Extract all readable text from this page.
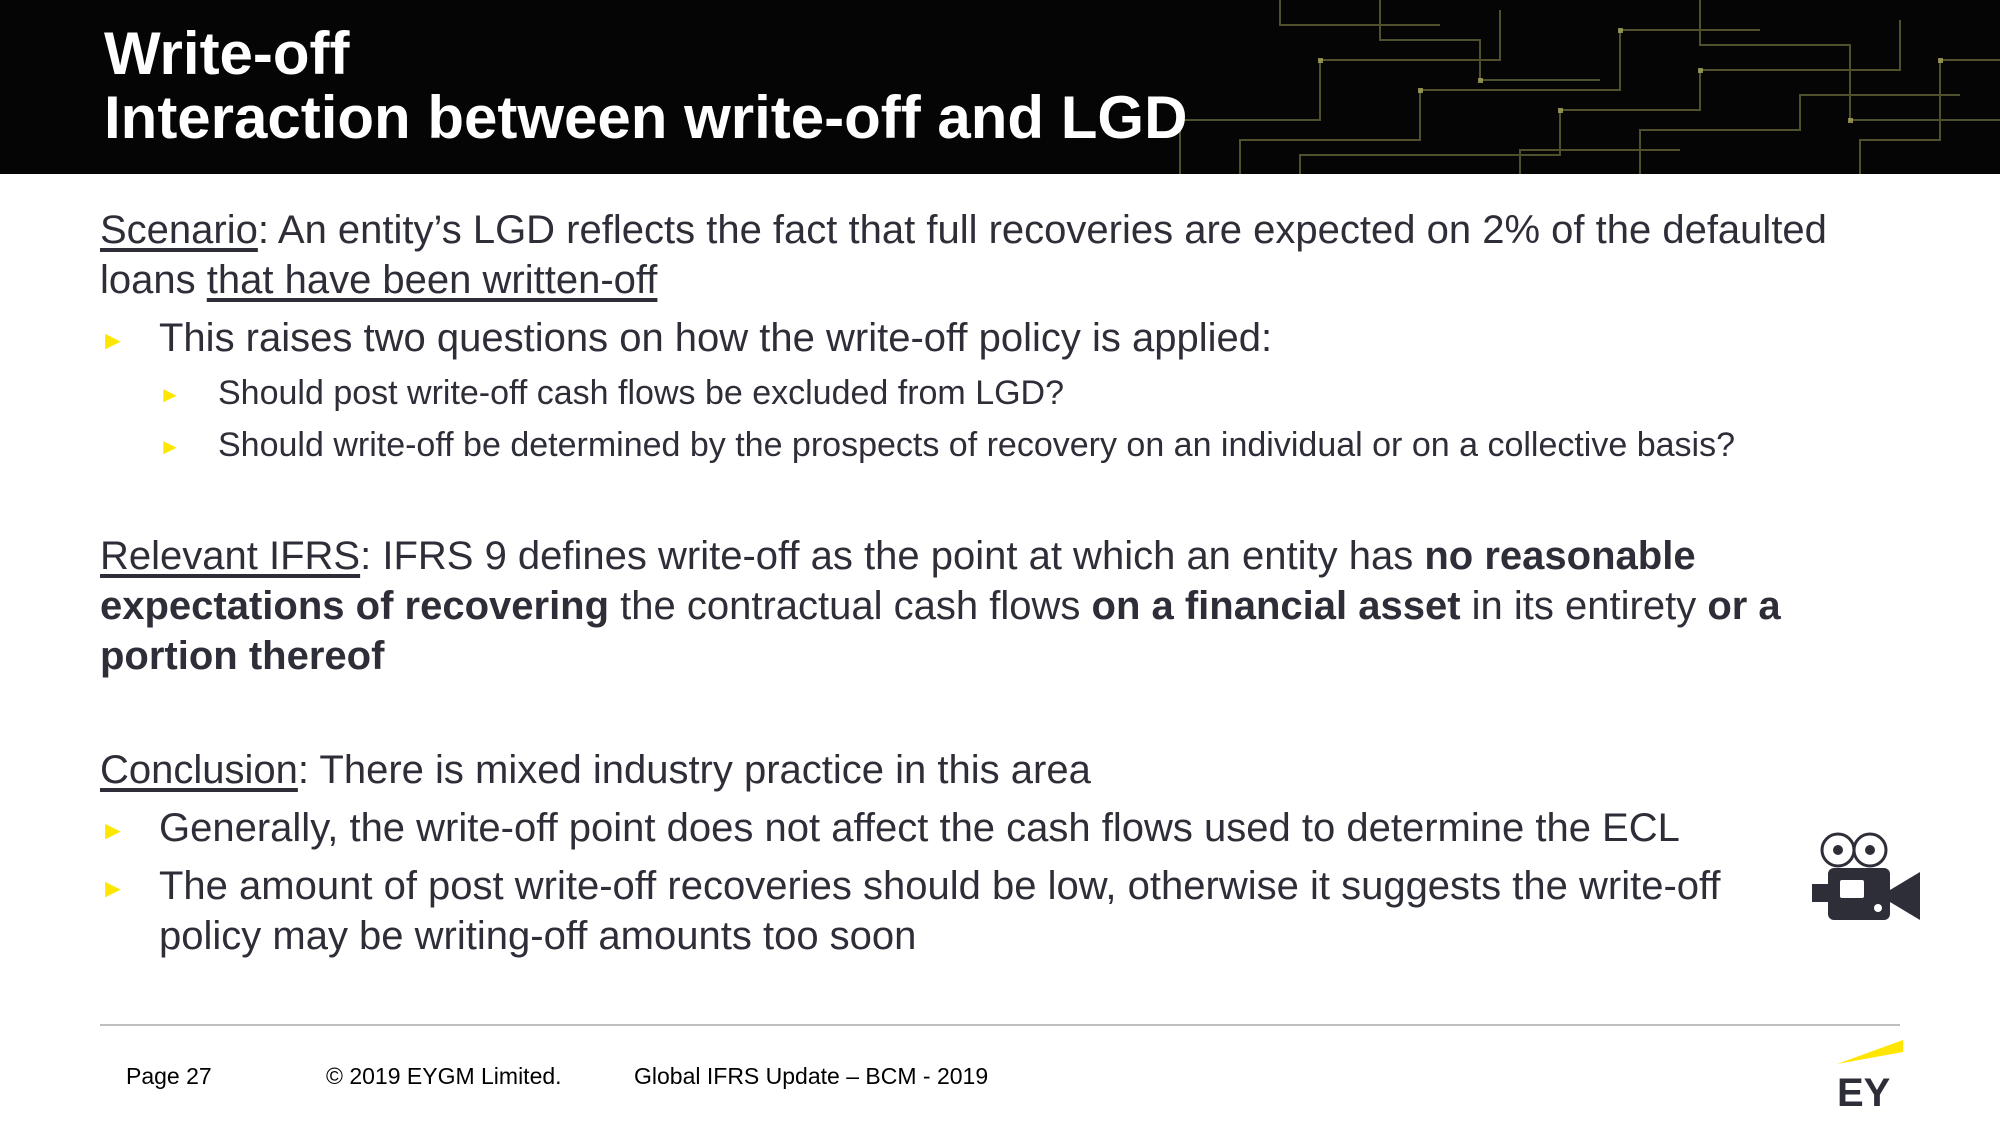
Write-off
Interaction between write-off and LGD

Scenario: An entity’s LGD reflects the fact that full recoveries are expected on 2% of the defaulted loans that have been written-off

► This raises two questions on how the write-off policy is applied:
► Should post write-off cash flows be excluded from LGD?
► Should write-off be determined by the prospects of recovery on an individual or on a collective basis?

Relevant IFRS: IFRS 9 defines write-off as the point at which an entity has no reasonable expectations of recovering the contractual cash flows on a financial asset in its entirety or a portion thereof

Conclusion: There is mixed industry practice in this area

► Generally, the write-off point does not affect the cash flows used to determine the ECL
► The amount of post write-off recoveries should be low, otherwise it suggests the write-off policy may be writing-off amounts too soon
Page 27	© 2019 EYGM Limited.	Global IFRS Update – BCM - 2019	EY
